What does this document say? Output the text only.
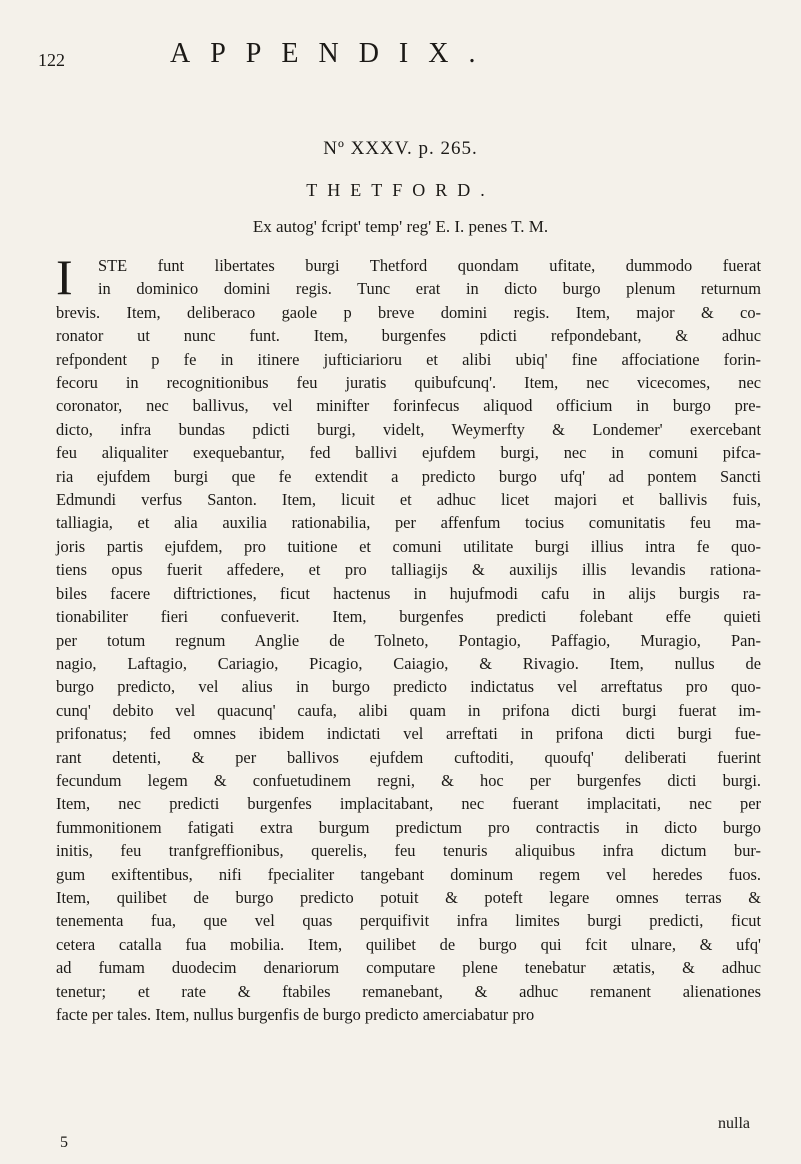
122	APPENDIX.
Nº XXXV. p. 265.
THETFORD.
Ex autog' fcript' temp' reg' E. I. penes T. M.
I	STE funt libertates burgi Thetford quondam ufitate, dummodo fuerat
in dominico domini regis. Tunc erat in dicto burgo plenum returnum
brevis. Item, deliberaco gaole p breve domini regis. Item, major & co-
ronator ut nunc funt. Item, burgenfes pdicti refpondebant, & adhuc
refpondent p fe in itinere jufticiarioru et alibi ubiq' fine affociatione forin-
fecoru in recognitionibus feu juratis quibufcunq'. Item, nec vicecomes, nec
coronator, nec ballivus, vel minifter forinfecus aliquod officium in burgo pre-
dicto, infra bundas pdicti burgi, videlt, Weymerfty & Londemer' exercebant
feu aliqualiter exequebantur, fed ballivi ejufdem burgi, nec in comuni pifca-
ria ejufdem burgi que fe extendit a predicto burgo ufq' ad pontem Sancti
Edmundi verfus Santon. Item, licuit et adhuc licet majori et ballivis fuis,
talliagia, et alia auxilia rationabilia, per affenfum tocius comunitatis feu ma-
joris partis ejufdem, pro tuitione et comuni utilitate burgi illius intra fe quo-
tiens opus fuerit affedere, et pro talliagijs & auxilijs illis levandis rationa-
biles facere diftrictiones, ficut hactenus in hujufmodi cafu in alijs burgis ra-
tionabiliter fieri confueverit. Item, burgenfes predicti folebant effe quieti
per totum regnum Anglie de Tolneto, Pontagio, Paffagio, Muragio, Pan-
nagio, Laftagio, Cariagio, Picagio, Caiagio, & Rivagio. Item, nullus de
burgo predicto, vel alius in burgo predicto indictatus vel arreftatus pro quo-
cunq' debito vel quacunq' caufa, alibi quam in prifona dicti burgi fuerat im-
prifonatus; fed omnes ibidem indictati vel arreftati in prifona dicti burgi fue-
rant detenti, & per ballivos ejufdem cuftoditi, quoufq' deliberati fuerint
fecundum legem & confuetudinem regni, & hoc per burgenfes dicti burgi.
Item, nec predicti burgenfes implacitabant, nec fuerant implacitati, nec per
fummonitionem fatigati extra burgum predictum pro contractis in dicto burgo
initis, feu tranfgreffionibus, querelis, feu tenuris aliquibus infra dictum bur-
gum exiftentibus, nifi fpecialiter tangebant dominum regem vel heredes fuos.
Item, quilibet de burgo predicto potuit & poteft legare omnes terras &
tenementa fua, que vel quas perquifivit infra limites burgi predicti, ficut
cetera catalla fua mobilia. Item, quilibet de burgo qui fcit ulnare, & ufq'
ad fumam duodecim denariorum computare plene tenebatur ætatis, & adhuc
tenetur; et rate & ftabiles remanebant, & adhuc remanent alienationes
facte per tales. Item, nullus burgenfis de burgo predicto amerciabatur pro
nulla
5
